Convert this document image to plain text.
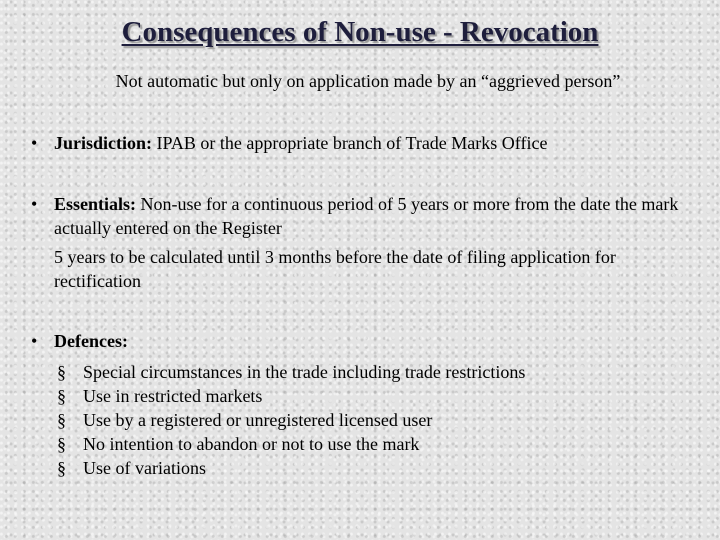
Consequences of Non-use - Revocation
Not automatic but only on application made by an “aggrieved person”
• Jurisdiction: IPAB or the appropriate branch of Trade Marks Office
• Essentials: Non-use for a continuous period of 5 years or more from the date the mark actually entered on the Register
5 years to be calculated until 3 months before the date of filing application for rectification
• Defences:
§ Special circumstances in the trade including trade restrictions
§ Use in restricted markets
§ Use by a registered or unregistered licensed user
§ No intention to abandon or not to use the mark
§ Use of variations
